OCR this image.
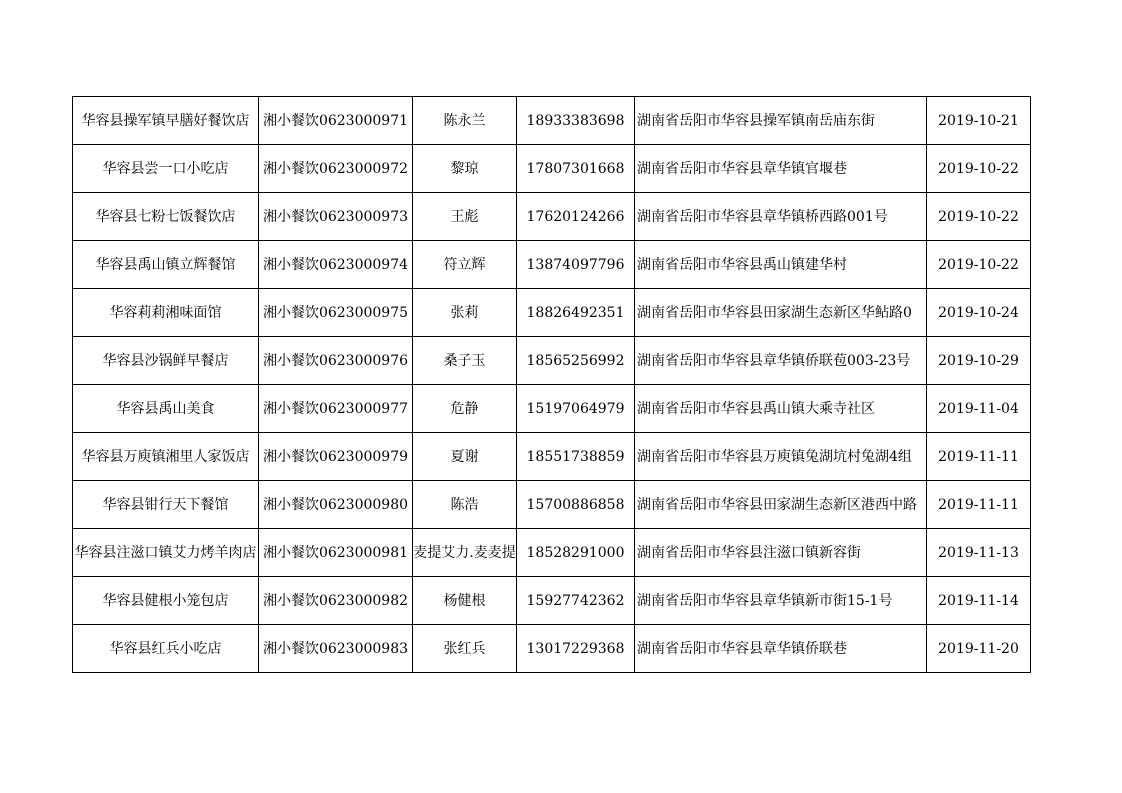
华容县操军镇早膳好餐饮店	湘小餐饮0623000971	陈永兰	18933383698	湖南省岳阳市华容县操军镇南岳庙东街	2019-10-21
华容县尝一口小吃店	湘小餐饮0623000972	黎琼	17807301668	湖南省岳阳市华容县章华镇官堰巷	2019-10-22
华容县七粉七饭餐饮店	湘小餐饮0623000973	王彪	17620124266	湖南省岳阳市华容县章华镇桥西路001号	2019-10-22
华容县禹山镇立辉餐馆	湘小餐饮0623000974	符立辉	13874097796	湖南省岳阳市华容县禹山镇建华村	2019-10-22
华容莉莉湘味面馆	湘小餐饮0623000975	张莉	18826492351	湖南省岳阳市华容县田家湖生态新区华鲇路0	2019-10-24
华容县沙锅鲜早餐店	湘小餐饮0623000976	桑子玉	18565256992	湖南省岳阳市华容县章华镇侨联苞003-23号	2019-10-29
华容县禹山美食	湘小餐饮0623000977	危静	15197064979	湖南省岳阳市华容县禹山镇大乘寺社区	2019-11-04
华容县万庾镇湘里人家饭店	湘小餐饮0623000979	夏谢	18551738859	湖南省岳阳市华容县万庾镇兔湖坑村兔湖4组	2019-11-11
华容县钳行天下餐馆	湘小餐饮0623000980	陈浩	15700886858	湖南省岳阳市华容县田家湖生态新区港西中路	2019-11-11
华容县注滋口镇艾力烤羊肉店	湘小餐饮0623000981	麦提艾力.麦麦提	18528291000	湖南省岳阳市华容县注滋口镇新容街	2019-11-13
华容县健根小笼包店	湘小餐饮0623000982	杨健根	15927742362	湖南省岳阳市华容县章华镇新市街15-1号	2019-11-14
华容县红兵小吃店	湘小餐饮0623000983	张红兵	13017229368	湖南省岳阳市华容县章华镇侨联巷	2019-11-20
